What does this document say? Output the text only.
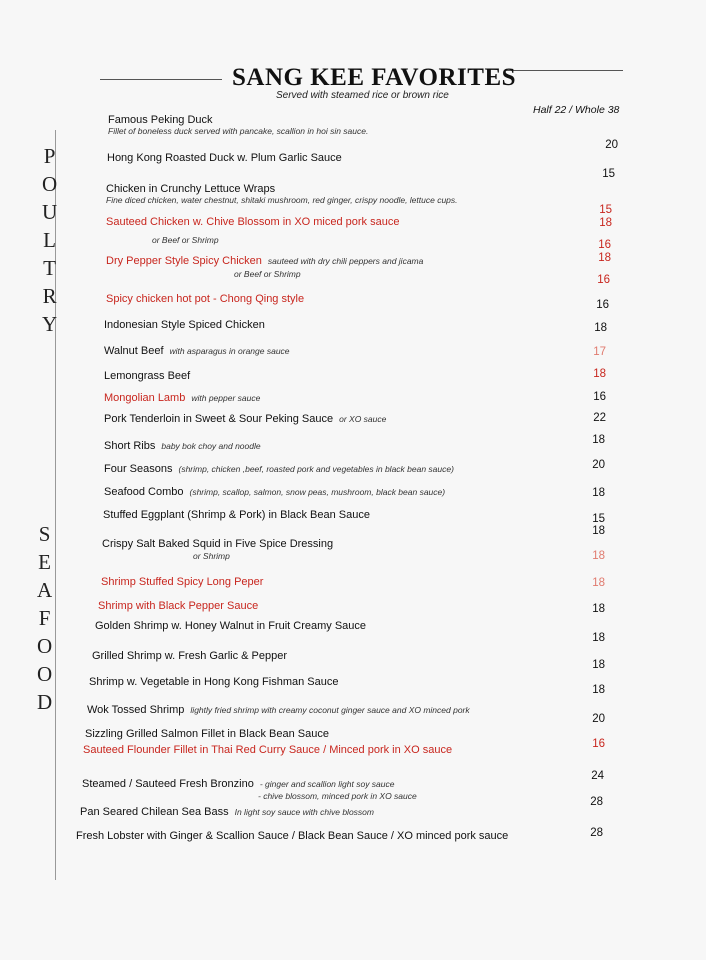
SANG KEE FAVORITES
Served with steamed rice or brown rice
Half 22 / Whole 38
P
O
U
L
T
R
Y
S
E
A
F
O
O
D
Famous Peking Duck
Fillet of boneless duck served with pancake, scallion in hoi sin sauce.
Hong Kong Roasted Duck w. Plum Garlic Sauce
20
Chicken in Crunchy Lettuce Wraps
Fine diced chicken, water chestnut, shitaki mushroom, red ginger, crispy noodle, lettuce cups.
15
Sauteed Chicken w. Chive Blossom in XO miced pork sauce
or Beef or Shrimp
15
18
Dry Pepper Style Spicy Chicken sauteed with dry chili peppers and jicama
or Beef or Shrimp
16
18
Spicy chicken hot pot - Chong Qing style
16
Indonesian Style Spiced Chicken
16
Walnut Beef with asparagus in orange sauce
18
Lemongrass Beef
17
Mongolian Lamb with pepper sauce
18
Pork Tenderloin in Sweet & Sour Peking Sauce or XO sauce
16
Short Ribs baby bok choy and noodle
22
Four Seasons (shrimp, chicken ,beef, roasted pork and vegetables in black bean sauce)
18
Seafood Combo (shrimp, scallop, salmon, snow peas, mushroom, black bean sauce)
20
Stuffed Eggplant (Shrimp & Pork) in Black Bean Sauce
18
Crispy Salt Baked Squid in Five Spice Dressing
or Shrimp
15
18
Shrimp Stuffed Spicy Long Peper
18
Shrimp with Black Pepper Sauce
18
Golden Shrimp w. Honey Walnut in Fruit Creamy Sauce
18
Grilled Shrimp w. Fresh Garlic & Pepper
18
Shrimp w. Vegetable in Hong Kong Fishman Sauce
18
Wok Tossed Shrimp lightly fried shrimp with creamy coconut ginger sauce and XO minced pork
18
Sizzling Grilled Salmon Fillet in Black Bean Sauce
20
Sauteed Flounder Fillet in Thai Red Curry Sauce / Minced pork in XO sauce	16
Steamed / Sauteed Fresh Bronzino - ginger and scallion light soy sauce
- chive blossom, minced pork in XO sauce
24
Pan Seared Chilean Sea Bass In light soy sauce with chive blossom
28
Fresh Lobster with Ginger & Scallion Sauce / Black Bean Sauce / XO minced pork sauce	28
